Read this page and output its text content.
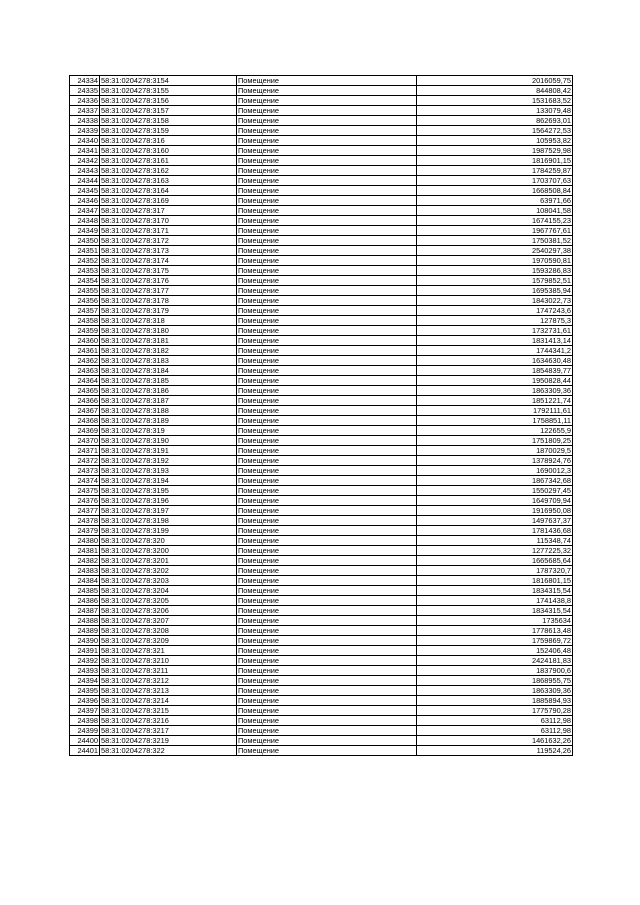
24334	58:31:0204278:3154	Помещение	2016059,75
24335	58:31:0204278:3155	Помещение	844808,42
24336	58:31:0204278:3156	Помещение	1531683,52
24337	58:31:0204278:3157	Помещение	133079,48
24338	58:31:0204278:3158	Помещение	862693,01
24339	58:31:0204278:3159	Помещение	1564272,53
24340	58:31:0204278:316	Помещение	105953,82
24341	58:31:0204278:3160	Помещение	1987529,98
24342	58:31:0204278:3161	Помещение	1816901,15
24343	58:31:0204278:3162	Помещение	1784259,87
24344	58:31:0204278:3163	Помещение	1703707,63
24345	58:31:0204278:3164	Помещение	1668508,84
24346	58:31:0204278:3169	Помещение	63971,66
24347	58:31:0204278:317	Помещение	108041,58
24348	58:31:0204278:3170	Помещение	1674155,23
24349	58:31:0204278:3171	Помещение	1967767,61
24350	58:31:0204278:3172	Помещение	1750381,52
24351	58:31:0204278:3173	Помещение	2540297,38
24352	58:31:0204278:3174	Помещение	1970590,81
24353	58:31:0204278:3175	Помещение	1593286,83
24354	58:31:0204278:3176	Помещение	1579852,51
24355	58:31:0204278:3177	Помещение	1695385,94
24356	58:31:0204278:3178	Помещение	1843022,73
24357	58:31:0204278:3179	Помещение	1747243,6
24358	58:31:0204278:318	Помещение	127875,3
24359	58:31:0204278:3180	Помещение	1732731,61
24360	58:31:0204278:3181	Помещение	1831413,14
24361	58:31:0204278:3182	Помещение	1744341,2
24362	58:31:0204278:3183	Помещение	1634630,48
24363	58:31:0204278:3184	Помещение	1854839,77
24364	58:31:0204278:3185	Помещение	1950828,44
24365	58:31:0204278:3186	Помещение	1863309,36
24366	58:31:0204278:3187	Помещение	1851221,74
24367	58:31:0204278:3188	Помещение	1792111,61
24368	58:31:0204278:3189	Помещение	1758851,11
24369	58:31:0204278:319	Помещение	122655,9
24370	58:31:0204278:3190	Помещение	1751809,25
24371	58:31:0204278:3191	Помещение	1870029,5
24372	58:31:0204278:3192	Помещение	1378924,76
24373	58:31:0204278:3193	Помещение	1690012,3
24374	58:31:0204278:3194	Помещение	1867342,68
24375	58:31:0204278:3195	Помещение	1550297,45
24376	58:31:0204278:3196	Помещение	1649709,94
24377	58:31:0204278:3197	Помещение	1916950,08
24378	58:31:0204278:3198	Помещение	1497637,37
24379	58:31:0204278:3199	Помещение	1781436,68
24380	58:31:0204278:320	Помещение	115348,74
24381	58:31:0204278:3200	Помещение	1277225,32
24382	58:31:0204278:3201	Помещение	1665685,64
24383	58:31:0204278:3202	Помещение	1787320,7
24384	58:31:0204278:3203	Помещение	1816801,15
24385	58:31:0204278:3204	Помещение	1834315,54
24386	58:31:0204278:3205	Помещение	1741438,8
24387	58:31:0204278:3206	Помещение	1834315,54
24388	58:31:0204278:3207	Помещение	1735634
24389	58:31:0204278:3208	Помещение	1778613,48
24390	58:31:0204278:3209	Помещение	1759869,72
24391	58:31:0204278:321	Помещение	152406,48
24392	58:31:0204278:3210	Помещение	2424181,83
24393	58:31:0204278:3211	Помещение	1837900,6
24394	58:31:0204278:3212	Помещение	1868955,75
24395	58:31:0204278:3213	Помещение	1863309,36
24396	58:31:0204278:3214	Помещение	1885894,93
24397	58:31:0204278:3215	Помещение	1775790,28
24398	58:31:0204278:3216	Помещение	63112,98
24399	58:31:0204278:3217	Помещение	63112,98
24400	58:31:0204278:3219	Помещение	1461632,26
24401	58:31:0204278:322	Помещение	119524,26
